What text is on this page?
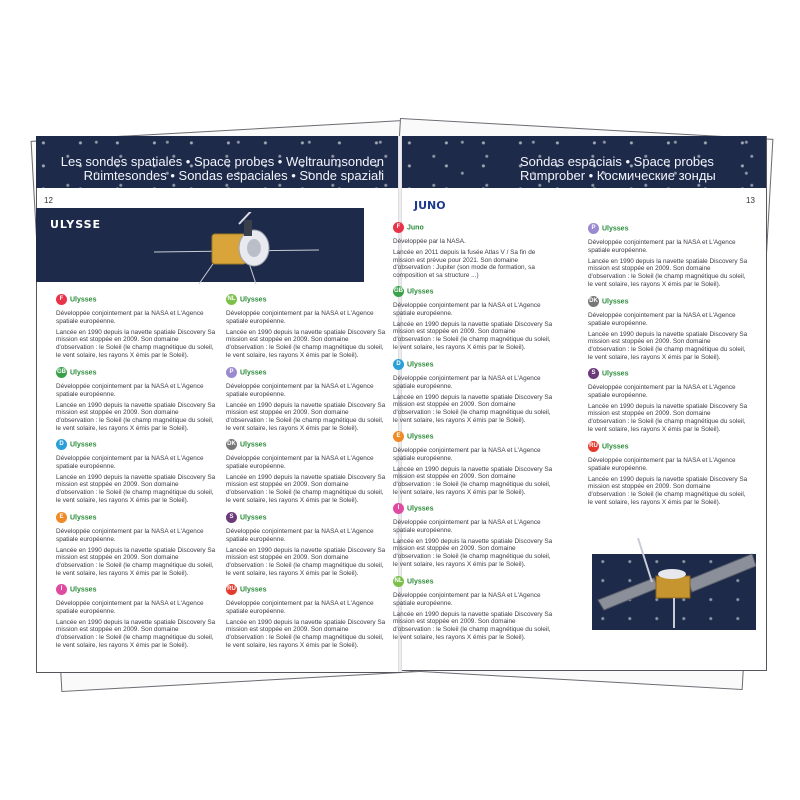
Les sondes spatiales • Space probes • Weltraumsonden
Ruimtesondes • Sondas espaciales • Sonde spaziali
Sondas espaciais • Space probes
Rumprober • Космические зонды
12	13
ULYSSE
JUNO
F Ulysses

Développée conjointement par la NASA et L'Agence spatiale européenne.

Lancée en 1990 depuis la navette spatiale Discovery Sa mission est stoppée en 2009. Son domaine d'observation : le Soleil (le champ magnétique du soleil, le vent solaire, les rayons X émis par le Soleil).

GB Ulysses

Développée conjointement par la NASA et L'Agence spatiale européenne.

Lancée en 1990 depuis la navette spatiale Discovery Sa mission est stoppée en 2009. Son domaine d'observation : le Soleil (le champ magnétique du soleil, le vent solaire, les rayons X émis par le Soleil).

D Ulysses

Développée conjointement par la NASA et L'Agence spatiale européenne.

Lancée en 1990 depuis la navette spatiale Discovery Sa mission est stoppée en 2009. Son domaine d'observation : le Soleil (le champ magnétique du soleil, le vent solaire, les rayons X émis par le Soleil).

E Ulysses

Développée conjointement par la NASA et L'Agence spatiale européenne.

Lancée en 1990 depuis la navette spatiale Discovery Sa mission est stoppée en 2009. Son domaine d'observation : le Soleil (le champ magnétique du soleil, le vent solaire, les rayons X émis par le Soleil).

I Ulysses

Développée conjointement par la NASA et L'Agence spatiale européenne.

Lancée en 1990 depuis la navette spatiale Discovery Sa mission est stoppée en 2009. Son domaine d'observation : le Soleil (le champ magnétique du soleil, le vent solaire, les rayons X émis par le Soleil).

NL Ulysses

Développée conjointement par la NASA et L'Agence spatiale européenne.

Lancée en 1990 depuis la navette spatiale Discovery Sa mission est stoppée en 2009. Son domaine d'observation : le Soleil (le champ magnétique du soleil, le vent solaire, les rayons X émis par le Soleil).

P Ulysses

Développée conjointement par la NASA et L'Agence spatiale européenne.

Lancée en 1990 depuis la navette spatiale Discovery Sa mission est stoppée en 2009. Son domaine d'observation : le Soleil (le champ magnétique du soleil, le vent solaire, les rayons X émis par le Soleil).

DK Ulysses

Développée conjointement par la NASA et L'Agence spatiale européenne.

Lancée en 1990 depuis la navette spatiale Discovery Sa mission est stoppée en 2009. Son domaine d'observation : le Soleil (le champ magnétique du soleil, le vent solaire, les rayons X émis par le Soleil).

S Ulysses

Développée conjointement par la NASA et L'Agence spatiale européenne.

Lancée en 1990 depuis la navette spatiale Discovery Sa mission est stoppée en 2009. Son domaine d'observation : le Soleil (le champ magnétique du soleil, le vent solaire, les rayons X émis par le Soleil).

RU Ulysses

Développée conjointement par la NASA et L'Agence spatiale européenne.

Lancée en 1990 depuis la navette spatiale Discovery Sa mission est stoppée en 2009. Son domaine d'observation : le Soleil (le champ magnétique du soleil, le vent solaire, les rayons X émis par le Soleil).

F Juno

Développée par la NASA.

Lancée en 2011 depuis la fusée Atlas V / Sa fin de mission est prévue pour 2021. Son domaine d'observation : Jupiter (son mode de formation, sa composition et sa structure ...)

GB Ulysses

Développée conjointement par la NASA et L'Agence spatiale européenne.

Lancée en 1990 depuis la navette spatiale Discovery Sa mission est stoppée en 2009. Son domaine d'observation : le Soleil (le champ magnétique du soleil, le vent solaire, les rayons X émis par le Soleil).

D Ulysses

Développée conjointement par la NASA et L'Agence spatiale européenne.

Lancée en 1990 depuis la navette spatiale Discovery Sa mission est stoppée en 2009. Son domaine d'observation : le Soleil (le champ magnétique du soleil, le vent solaire, les rayons X émis par le Soleil).

E Ulysses

Développée conjointement par la NASA et L'Agence spatiale européenne.

Lancée en 1990 depuis la navette spatiale Discovery Sa mission est stoppée en 2009. Son domaine d'observation : le Soleil (le champ magnétique du soleil, le vent solaire, les rayons X émis par le Soleil).

I Ulysses

Développée conjointement par la NASA et L'Agence spatiale européenne.

Lancée en 1990 depuis la navette spatiale Discovery Sa mission est stoppée en 2009. Son domaine d'observation : le Soleil (le champ magnétique du soleil, le vent solaire, les rayons X émis par le Soleil).

NL Ulysses

Développée conjointement par la NASA et L'Agence spatiale européenne.

Lancée en 1990 depuis la navette spatiale Discovery Sa mission est stoppée en 2009. Son domaine d'observation : le Soleil (le champ magnétique du soleil, le vent solaire, les rayons X émis par le Soleil).

P Ulysses

Développée conjointement par la NASA et L'Agence spatiale européenne.

Lancée en 1990 depuis la navette spatiale Discovery Sa mission est stoppée en 2009. Son domaine d'observation : le Soleil (le champ magnétique du soleil, le vent solaire, les rayons X émis par le Soleil).

DK Ulysses

Développée conjointement par la NASA et L'Agence spatiale européenne.

Lancée en 1990 depuis la navette spatiale Discovery Sa mission est stoppée en 2009. Son domaine d'observation : le Soleil (le champ magnétique du soleil, le vent solaire, les rayons X émis par le Soleil).

S Ulysses

Développée conjointement par la NASA et L'Agence spatiale européenne.

Lancée en 1990 depuis la navette spatiale Discovery Sa mission est stoppée en 2009. Son domaine d'observation : le Soleil (le champ magnétique du soleil, le vent solaire, les rayons X émis par le Soleil).

RU Ulysses

Développée conjointement par la NASA et L'Agence spatiale européenne.

Lancée en 1990 depuis la navette spatiale Discovery Sa mission est stoppée en 2009. Son domaine d'observation : le Soleil (le champ magnétique du soleil, le vent solaire, les rayons X émis par le Soleil).
